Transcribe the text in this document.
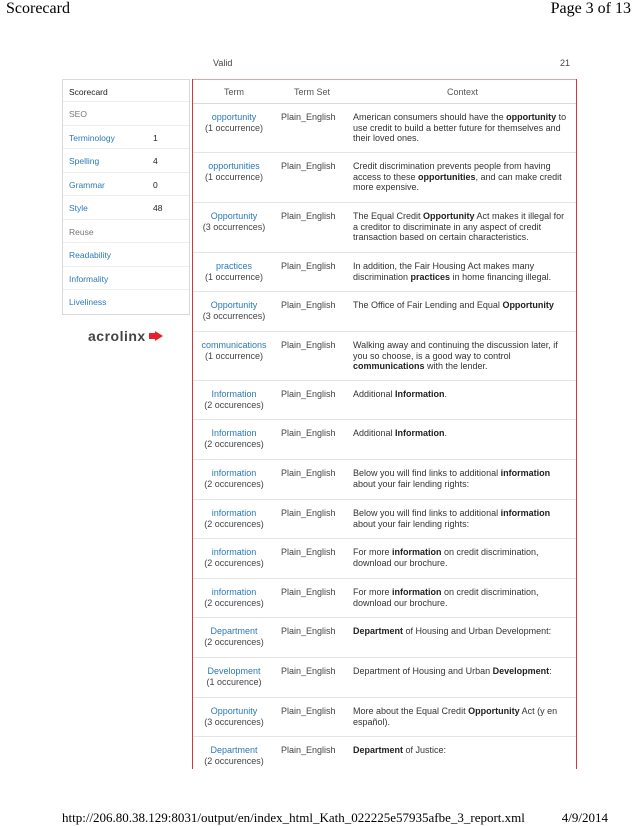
Scorecard	Page 3 of 13
Valid	21
Scorecard
SEO
Terminology	1
Spelling	4
Grammar	0
Style	48
Reuse
Readability
Informality
Liveliness
acrolinx
Term	Term Set	Context
opportunity
(1 occurrence)	Plain_English	American consumers should have the opportunity to use credit to build a better future for themselves and their loved ones.
opportunities
(1 occurrence)	Plain_English	Credit discrimination prevents people from having access to these opportunities, and can make credit more expensive.
Opportunity
(3 occurrences)	Plain_English	The Equal Credit Opportunity Act makes it illegal for a creditor to discriminate in any aspect of credit transaction based on certain characteristics.
practices
(1 occurrence)	Plain_English	In addition, the Fair Housing Act makes many discrimination practices in home financing illegal.
Opportunity
(3 occurrences)	Plain_English	The Office of Fair Lending and Equal Opportunity
communications
(1 occurrence)	Plain_English	Walking away and continuing the discussion later, if you so choose, is a good way to control communications with the lender.
Information
(2 occurences)	Plain_English	Additional Information.
Information
(2 occurences)	Plain_English	Additional Information.
information
(2 occurences)	Plain_English	Below you will find links to additional information about your fair lending rights:
information
(2 occurences)	Plain_English	Below you will find links to additional information about your fair lending rights:
information
(2 occurences)	Plain_English	For more information on credit discrimination, download our brochure.
information
(2 occurences)	Plain_English	For more information on credit discrimination, download our brochure.
Department
(2 occurences)	Plain_English	Department of Housing and Urban Development:
Development
(1 occurence)	Plain_English	Department of Housing and Urban Development:
Opportunity
(3 occurences)	Plain_English	More about the Equal Credit Opportunity Act (y en español).
Department
(2 occurences)	Plain_English	Department of Justice:
http://206.80.38.129:8031/output/en/index_html_Kath_022225e57935afbe_3_report.xml	4/9/2014
